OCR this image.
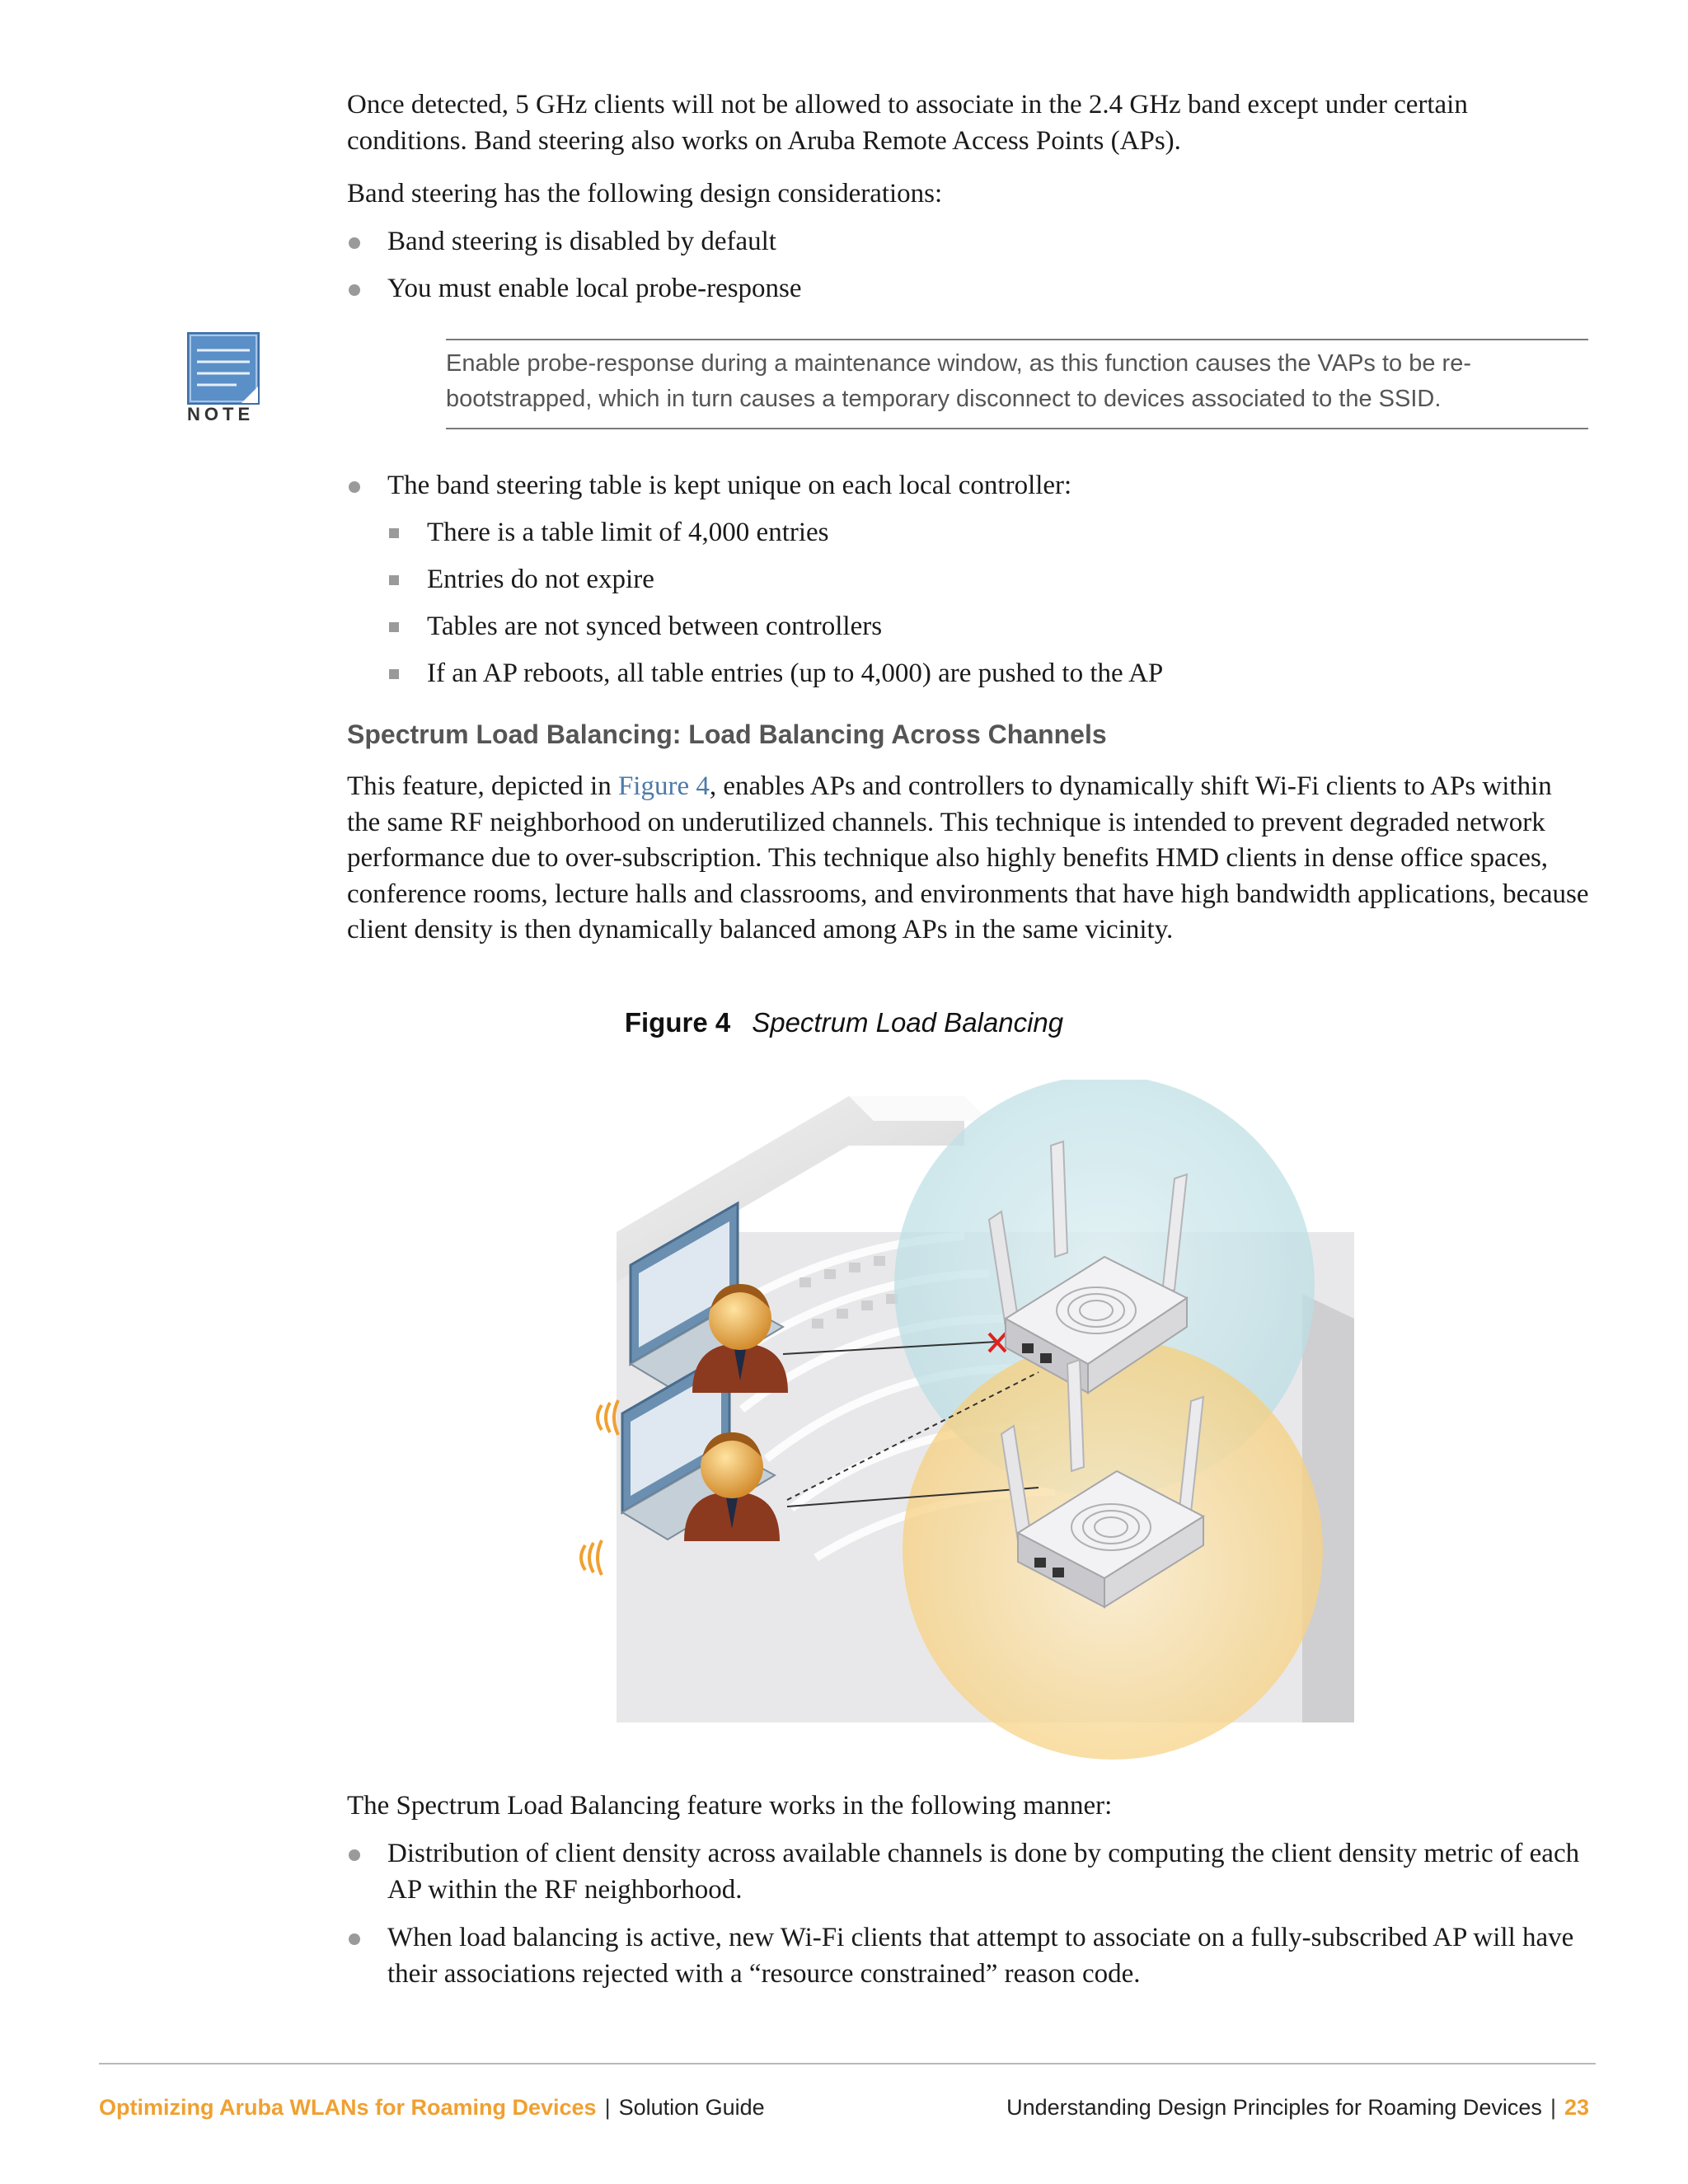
Once detected, 5 GHz clients will not be allowed to associate in the 2.4 GHz band except under certain conditions. Band steering also works on Aruba Remote Access Points (APs).

Band steering has the following design considerations:

Band steering is disabled by default
You must enable local probe-response
NOTE
Enable probe-response during a maintenance window, as this function causes the VAPs to be re-bootstrapped, which in turn causes a temporary disconnect to devices associated to the SSID.
The band steering table is kept unique on each local controller:
There is a table limit of 4,000 entries
Entries do not expire
Tables are not synced between controllers
If an AP reboots, all table entries (up to 4,000) are pushed to the AP
Spectrum Load Balancing: Load Balancing Across Channels

This feature, depicted in Figure 4, enables APs and controllers to dynamically shift Wi-Fi clients to APs within the same RF neighborhood on underutilized channels. This technique is intended to prevent degraded network performance due to over-subscription. This technique also highly benefits HMD clients in dense office spaces, conference rooms, lecture halls and classrooms, and environments that have high bandwidth applications, because client density is then dynamically balanced among APs in the same vicinity.

Figure 4 Spectrum Load Balancing

The Spectrum Load Balancing feature works in the following manner:

Distribution of client density across available channels is done by computing the client density metric of each AP within the RF neighborhood.
When load balancing is active, new Wi-Fi clients that attempt to associate on a fully-subscribed AP will have their associations rejected with a “resource constrained” reason code.
Optimizing Aruba WLANs for Roaming Devices | Solution Guide	Understanding Design Principles for Roaming Devices | 23
